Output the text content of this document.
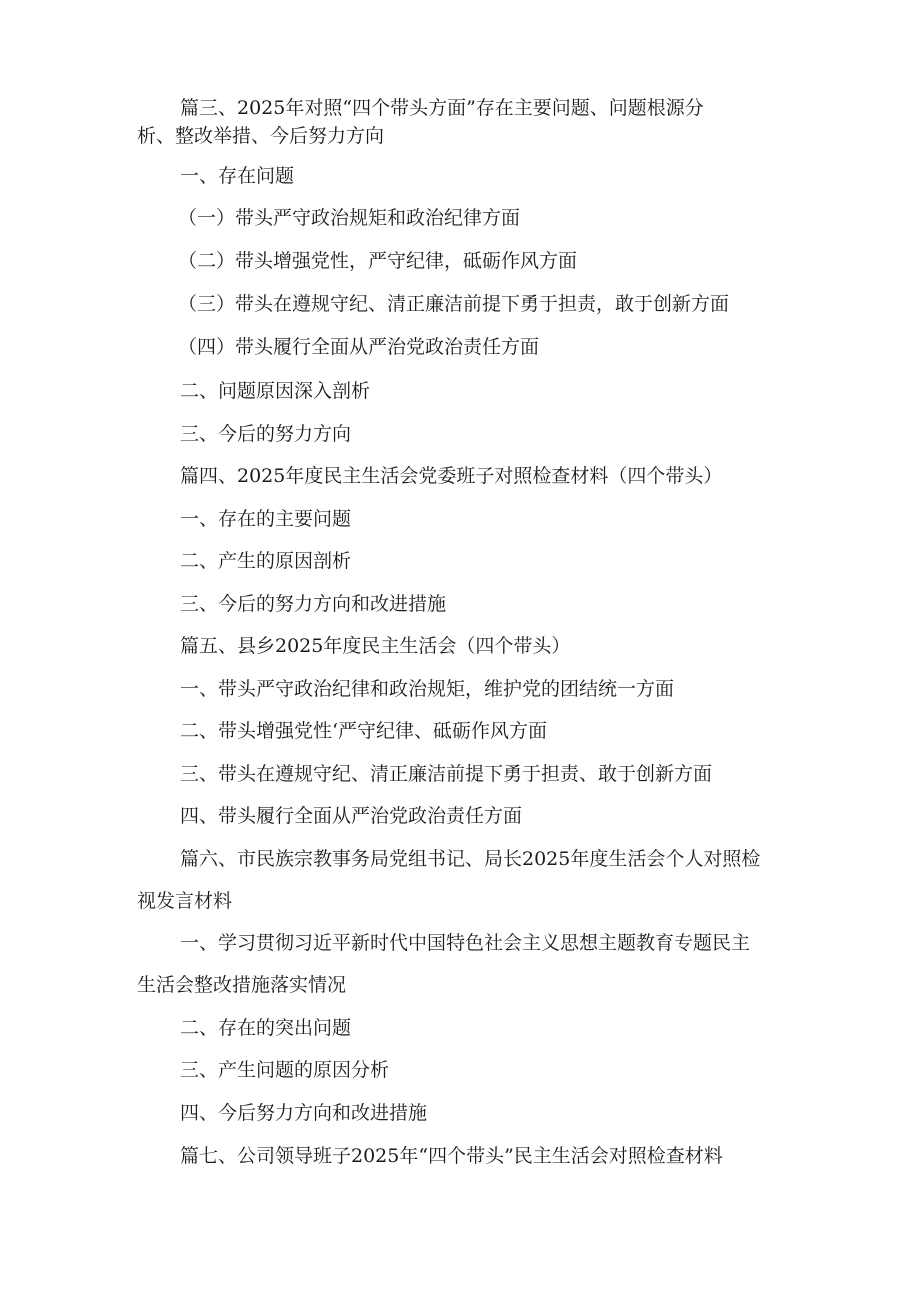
篇三、2025年对照“四个带头方面”存在主要问题、问题根源分
析、整改举措、今后努力方向
一、存在问题
（一）带头严守政治规矩和政治纪律方面
（二）带头增强党性，严守纪律，砥砺作风方面
（三）带头在遵规守纪、清正廉洁前提下勇于担责，敢于创新方面
（四）带头履行全面从严治党政治责任方面
二、问题原因深入剖析
三、今后的努力方向
篇四、2025年度民主生活会党委班子对照检查材料（四个带头）
一、存在的主要问题
二、产生的原因剖析
三、今后的努力方向和改进措施
篇五、县乡2025年度民主生活会（四个带头）
一、带头严守政治纪律和政治规矩，维护党的团结统一方面
二、带头增强党性‘严守纪律、砥砺作风方面
三、带头在遵规守纪、清正廉洁前提下勇于担责、敢于创新方面
四、带头履行全面从严治党政治责任方面
篇六、市民族宗教事务局党组书记、局长2025年度生活会个人对照检
视发言材料
一、学习贯彻习近平新时代中国特色社会主义思想主题教育专题民主
生活会整改措施落实情况
二、存在的突出问题
三、产生问题的原因分析
四、今后努力方向和改进措施
篇七、公司领导班子2025年“四个带头”民主生活会对照检查材料
